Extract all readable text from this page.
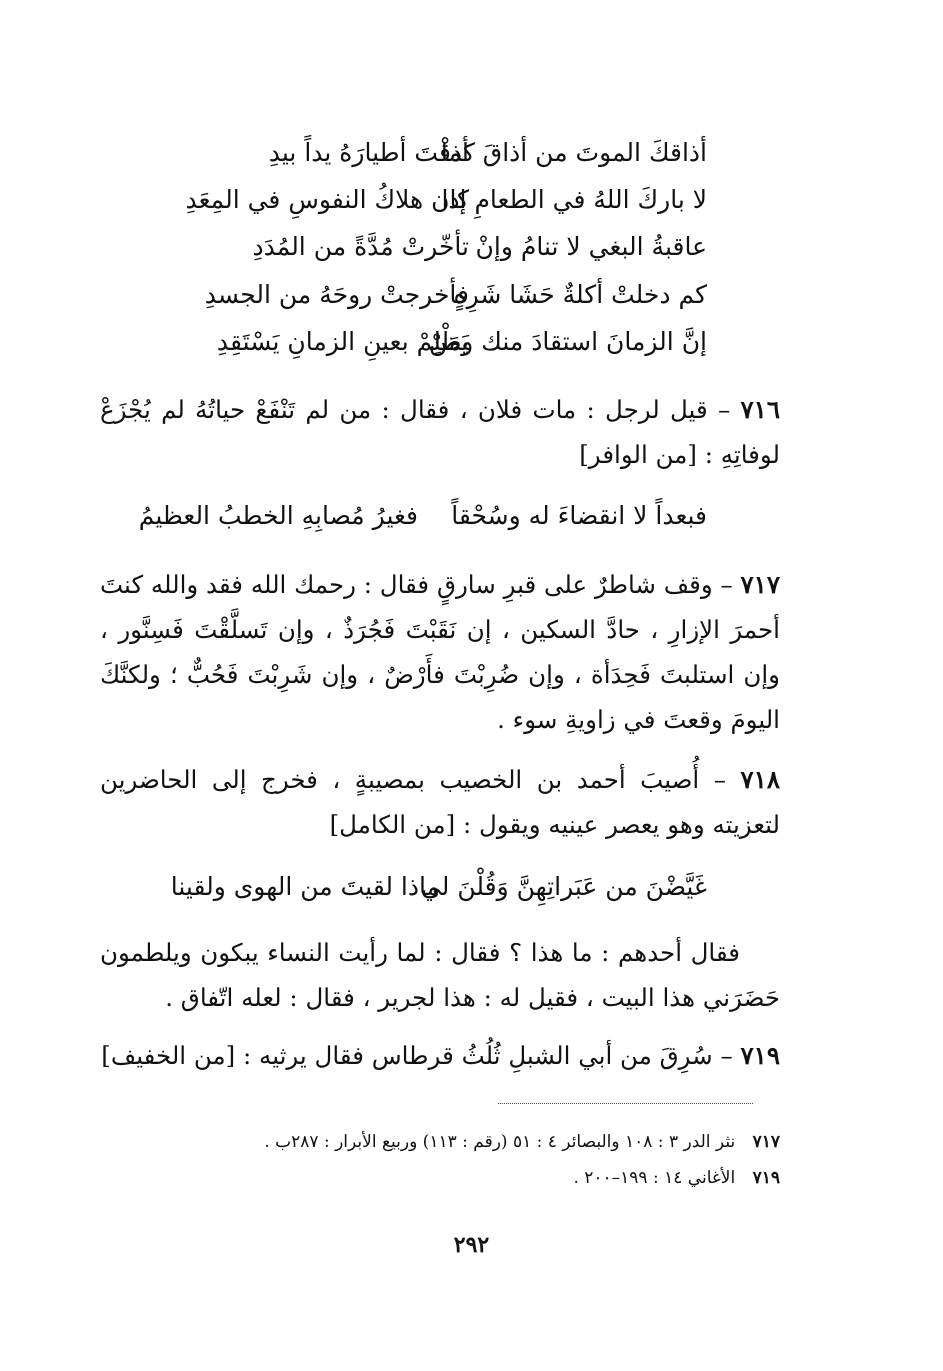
أذاقكَ الموتَ من أذاقَ كما
أذقْتَ أطيارَهُ يداً بيدِ
لا باركَ اللهُ في الطعامِ إذا
كان هلاكُ النفوسِ في المِعَدِ
عاقبةُ البغي لا تنامُ وإنْ
تأخّرتْ مُدَّةً من المُدَدِ
كم دخلتْ أكلةٌ حَشَا شَرِهٍ
فأخرجتْ روحَهُ من الجسدِ
إنَّ الزمانَ استقادَ منك ومَنْ
يَظْلِمْ بعينِ الزمانِ يَسْتَقِدِ
٧١٦ – قيل لرجل : مات فلان ، فقال : من لم تَنْفَعْ حياتُهُ لم يُجْزَعْ لوفاتِهِ : [من الوافر]
فبعداً لا انقضاءَ له وسُحْقاً
فغيرُ مُصابِهِ الخطبُ العظيمُ
٧١٧ – وقف شاطرٌ على قبرِ سارقٍ فقال : رحمك الله فقد والله كنتَ أحمرَ الإزارِ ، حادَّ السكين ، إن نَقَبْتَ فَجُرَذٌ ، وإن تَسلَّقْتَ فَسِنَّور ، وإن استلبتَ فَحِدَأة ، وإن ضُرِبْتَ فأَرْضٌ ، وإن شَرِبْتَ فَحُبٌّ ؛ ولكنَّكَ اليومَ وقعتَ في زاويةِ سوء .
٧١٨ – أُصيبَ أحمد بن الخصيب بمصيبةٍ ، فخرج إلى الحاضرين لتعزيته وهو يعصر عينيه ويقول : [من الكامل]
غَيَّضْنَ من عَبَراتِهِنَّ وَقُلْنَ لي
ماذا لقيتَ من الهوى ولقينا
فقال أحدهم : ما هذا ؟ فقال : لما رأيت النساء يبكون ويلطمون حَضَرَني هذا البيت ، فقيل له : هذا لجرير ، فقال : لعله اتّفاق .
٧١٩ – سُرِقَ من أبي الشبلِ ثُلُثُ قرطاس فقال يرثيه : [من الخفيف]
٧١٧ نثر الدر ٣ : ١٠٨ والبصائر ٤ : ٥١ (رقم : ١١٣) وربيع الأبرار : ٢٨٧ب .
٧١٩ الأغاني ١٤ : ١٩٩–٢٠٠ .
٢٩٢
